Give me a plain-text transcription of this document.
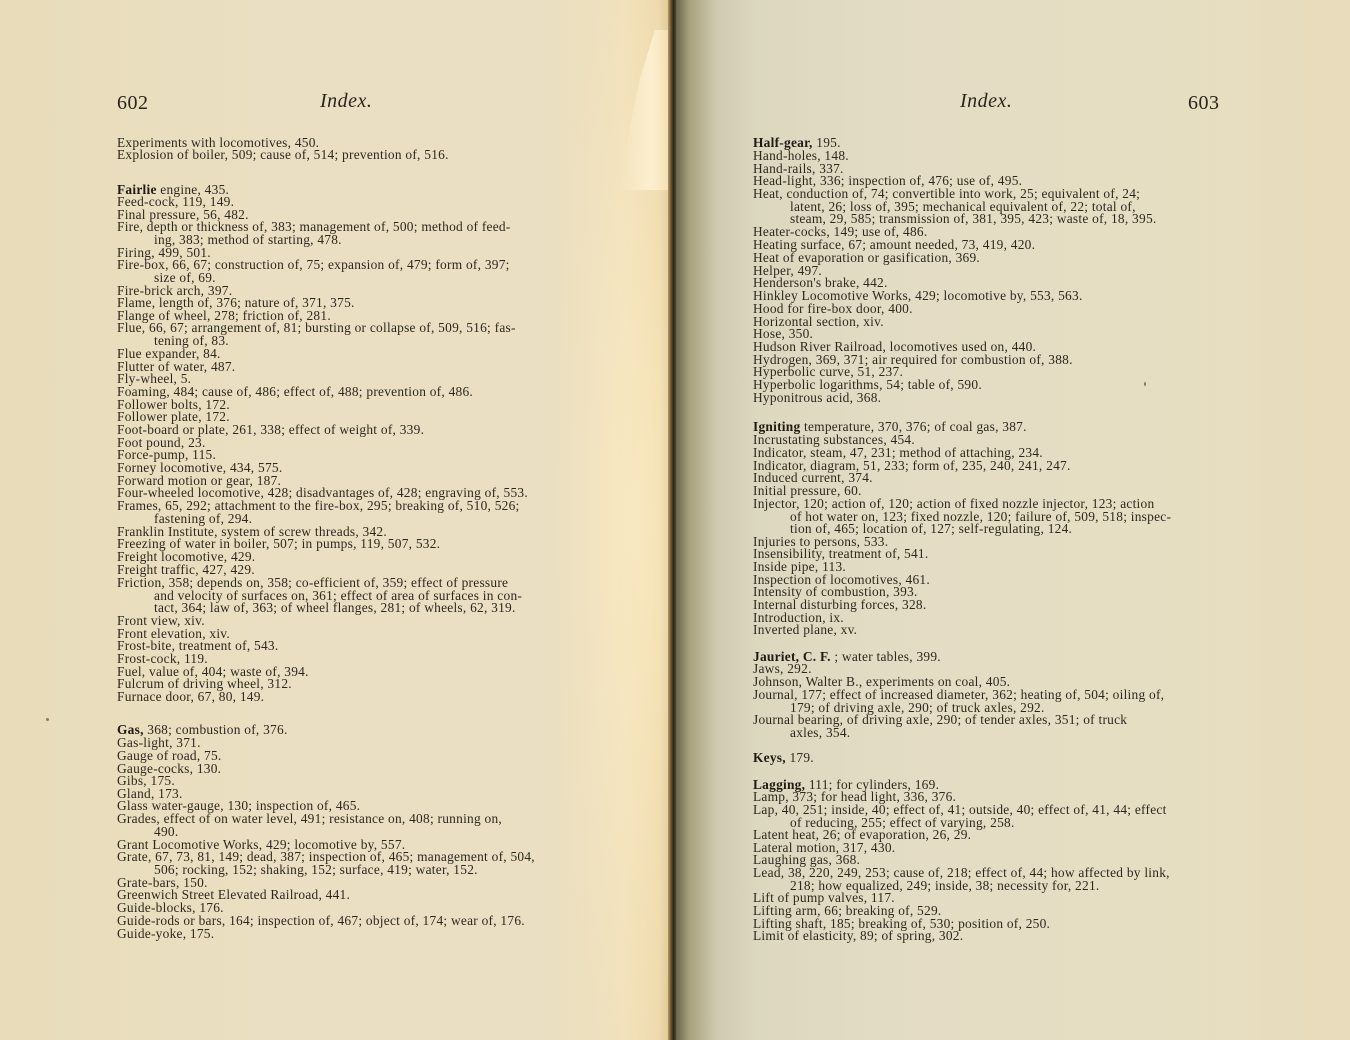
602	Index.
Experiments with locomotives, 450.
Explosion of boiler, 509; cause of, 514; prevention of, 516.
Fairlie engine, 435.
Feed-cock, 119, 149.
Final pressure, 56, 482.
Fire, depth or thickness of, 383; management of, 500; method of feed-
ing, 383; method of starting, 478.
Firing, 499, 501.
Fire-box, 66, 67; construction of, 75; expansion of, 479; form of, 397;
size of, 69.
Fire-brick arch, 397.
Flame, length of, 376; nature of, 371, 375.
Flange of wheel, 278; friction of, 281.
Flue, 66, 67; arrangement of, 81; bursting or collapse of, 509, 516; fas-
tening of, 83.
Flue expander, 84.
Flutter of water, 487.
Fly-wheel, 5.
Foaming, 484; cause of, 486; effect of, 488; prevention of, 486.
Follower bolts, 172.
Follower plate, 172.
Foot-board or plate, 261, 338; effect of weight of, 339.
Foot pound, 23.
Force-pump, 115.
Forney locomotive, 434, 575.
Forward motion or gear, 187.
Four-wheeled locomotive, 428; disadvantages of, 428; engraving of, 553.
Frames, 65, 292; attachment to the fire-box, 295; breaking of, 510, 526;
fastening of, 294.
Franklin Institute, system of screw threads, 342.
Freezing of water in boiler, 507; in pumps, 119, 507, 532.
Freight locomotive, 429.
Freight traffic, 427, 429.
Friction, 358; depends on, 358; co-efficient of, 359; effect of pressure
and velocity of surfaces on, 361; effect of area of surfaces in con-
tact, 364; law of, 363; of wheel flanges, 281; of wheels, 62, 319.
Front view, xiv.
Front elevation, xiv.
Frost-bite, treatment of, 543.
Frost-cock, 119.
Fuel, value of, 404; waste of, 394.
Fulcrum of driving wheel, 312.
Furnace door, 67, 80, 149.
Gas, 368; combustion of, 376.
Gas-light, 371.
Gauge of road, 75.
Gauge-cocks, 130.
Gibs, 175.
Gland, 173.
Glass water-gauge, 130; inspection of, 465.
Grades, effect of on water level, 491; resistance on, 408; running on,
490.
Grant Locomotive Works, 429; locomotive by, 557.
Grate, 67, 73, 81, 149; dead, 387; inspection of, 465; management of, 504,
506; rocking, 152; shaking, 152; surface, 419; water, 152.
Grate-bars, 150.
Greenwich Street Elevated Railroad, 441.
Guide-blocks, 176.
Guide-rods or bars, 164; inspection of, 467; object of, 174; wear of, 176.
Guide-yoke, 175.
Index.	603
Half-gear, 195.
Hand-holes, 148.
Hand-rails, 337.
Head-light, 336; inspection of, 476; use of, 495.
Heat, conduction of, 74; convertible into work, 25; equivalent of, 24;
latent, 26; loss of, 395; mechanical equivalent of, 22; total of,
steam, 29, 585; transmission of, 381, 395, 423; waste of, 18, 395.
Heater-cocks, 149; use of, 486.
Heating surface, 67; amount needed, 73, 419, 420.
Heat of evaporation or gasification, 369.
Helper, 497.
Henderson's brake, 442.
Hinkley Locomotive Works, 429; locomotive by, 553, 563.
Hood for fire-box door, 400.
Horizontal section, xiv.
Hose, 350.
Hudson River Railroad, locomotives used on, 440.
Hydrogen, 369, 371; air required for combustion of, 388.
Hyperbolic curve, 51, 237.
Hyperbolic logarithms, 54; table of, 590.
Hyponitrous acid, 368.
Igniting temperature, 370, 376; of coal gas, 387.
Incrustating substances, 454.
Indicator, steam, 47, 231; method of attaching, 234.
Indicator, diagram, 51, 233; form of, 235, 240, 241, 247.
Induced current, 374.
Initial pressure, 60.
Injector, 120; action of, 120; action of fixed nozzle injector, 123; action
of hot water on, 123; fixed nozzle, 120; failure of, 509, 518; inspec-
tion of, 465; location of, 127; self-regulating, 124.
Injuries to persons, 533.
Insensibility, treatment of, 541.
Inside pipe, 113.
Inspection of locomotives, 461.
Intensity of combustion, 393.
Internal disturbing forces, 328.
Introduction, ix.
Inverted plane, xv.
Jauriet, C. F. ; water tables, 399.
Jaws, 292.
Johnson, Walter B., experiments on coal, 405.
Journal, 177; effect of increased diameter, 362; heating of, 504; oiling of,
179; of driving axle, 290; of truck axles, 292.
Journal bearing, of driving axle, 290; of tender axles, 351; of truck
axles, 354.
Keys, 179.
Lagging, 111; for cylinders, 169.
Lamp, 373; for head light, 336, 376.
Lap, 40, 251; inside, 40; effect of, 41; outside, 40; effect of, 41, 44; effect
of reducing, 255; effect of varying, 258.
Latent heat, 26; of evaporation, 26, 29.
Lateral motion, 317, 430.
Laughing gas, 368.
Lead, 38, 220, 249, 253; cause of, 218; effect of, 44; how affected by link,
218; how equalized, 249; inside, 38; necessity for, 221.
Lift of pump valves, 117.
Lifting arm, 66; breaking of, 529.
Lifting shaft, 185; breaking of, 530; position of, 250.
Limit of elasticity, 89; of spring, 302.
